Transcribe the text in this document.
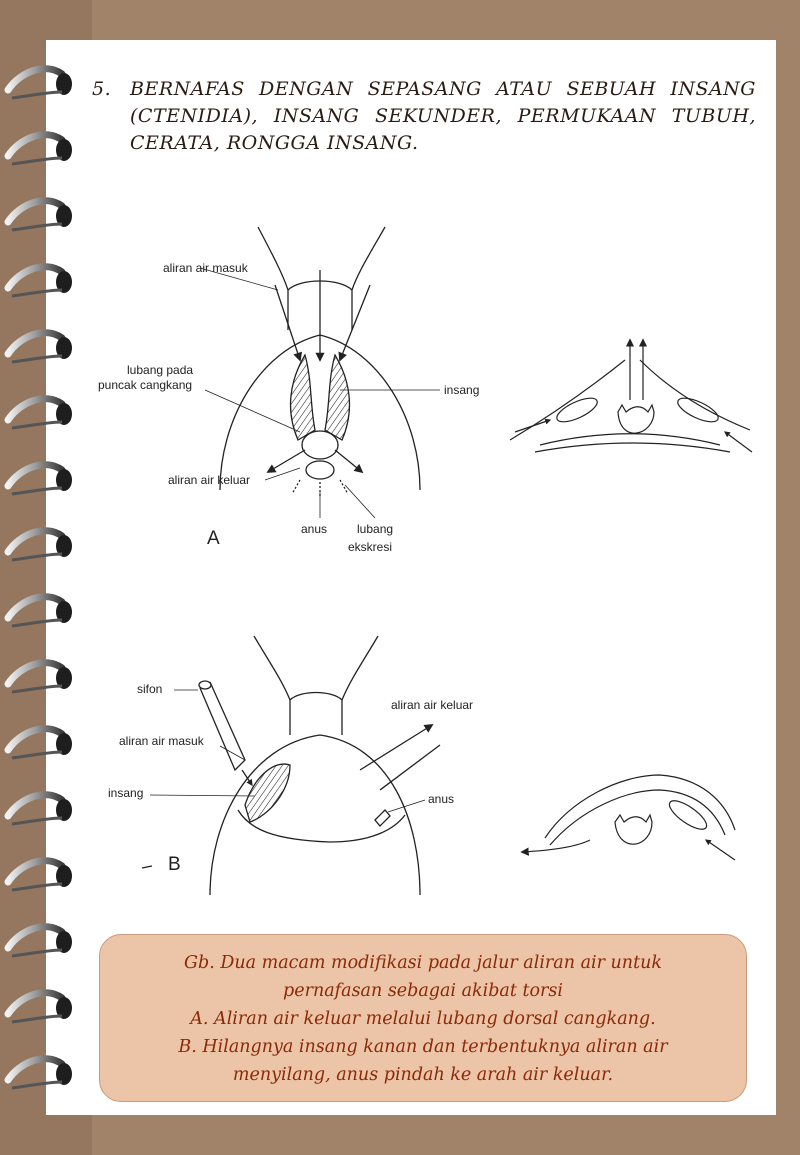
5. BERNAFAS DENGAN SEPASANG ATAU SEBUAH INSANG (CTENIDIA), INSANG SEKUNDER, PERMUKAAN TUBUH, CERATA, RONGGA INSANG.
aliran air masuk
lubang pada
puncak cangkang	insang
aliran air keluar
anus lubang
ekskresi
A
sifon
aliran air masuk
aliran air keluar
insang	anus
B
Gb. Dua macam modifikasi pada jalur aliran air untuk
pernafasan sebagai akibat torsi
A. Aliran air keluar melalui lubang dorsal cangkang.
B. Hilangnya insang kanan dan terbentuknya aliran air
menyilang, anus pindah ke arah air keluar.
